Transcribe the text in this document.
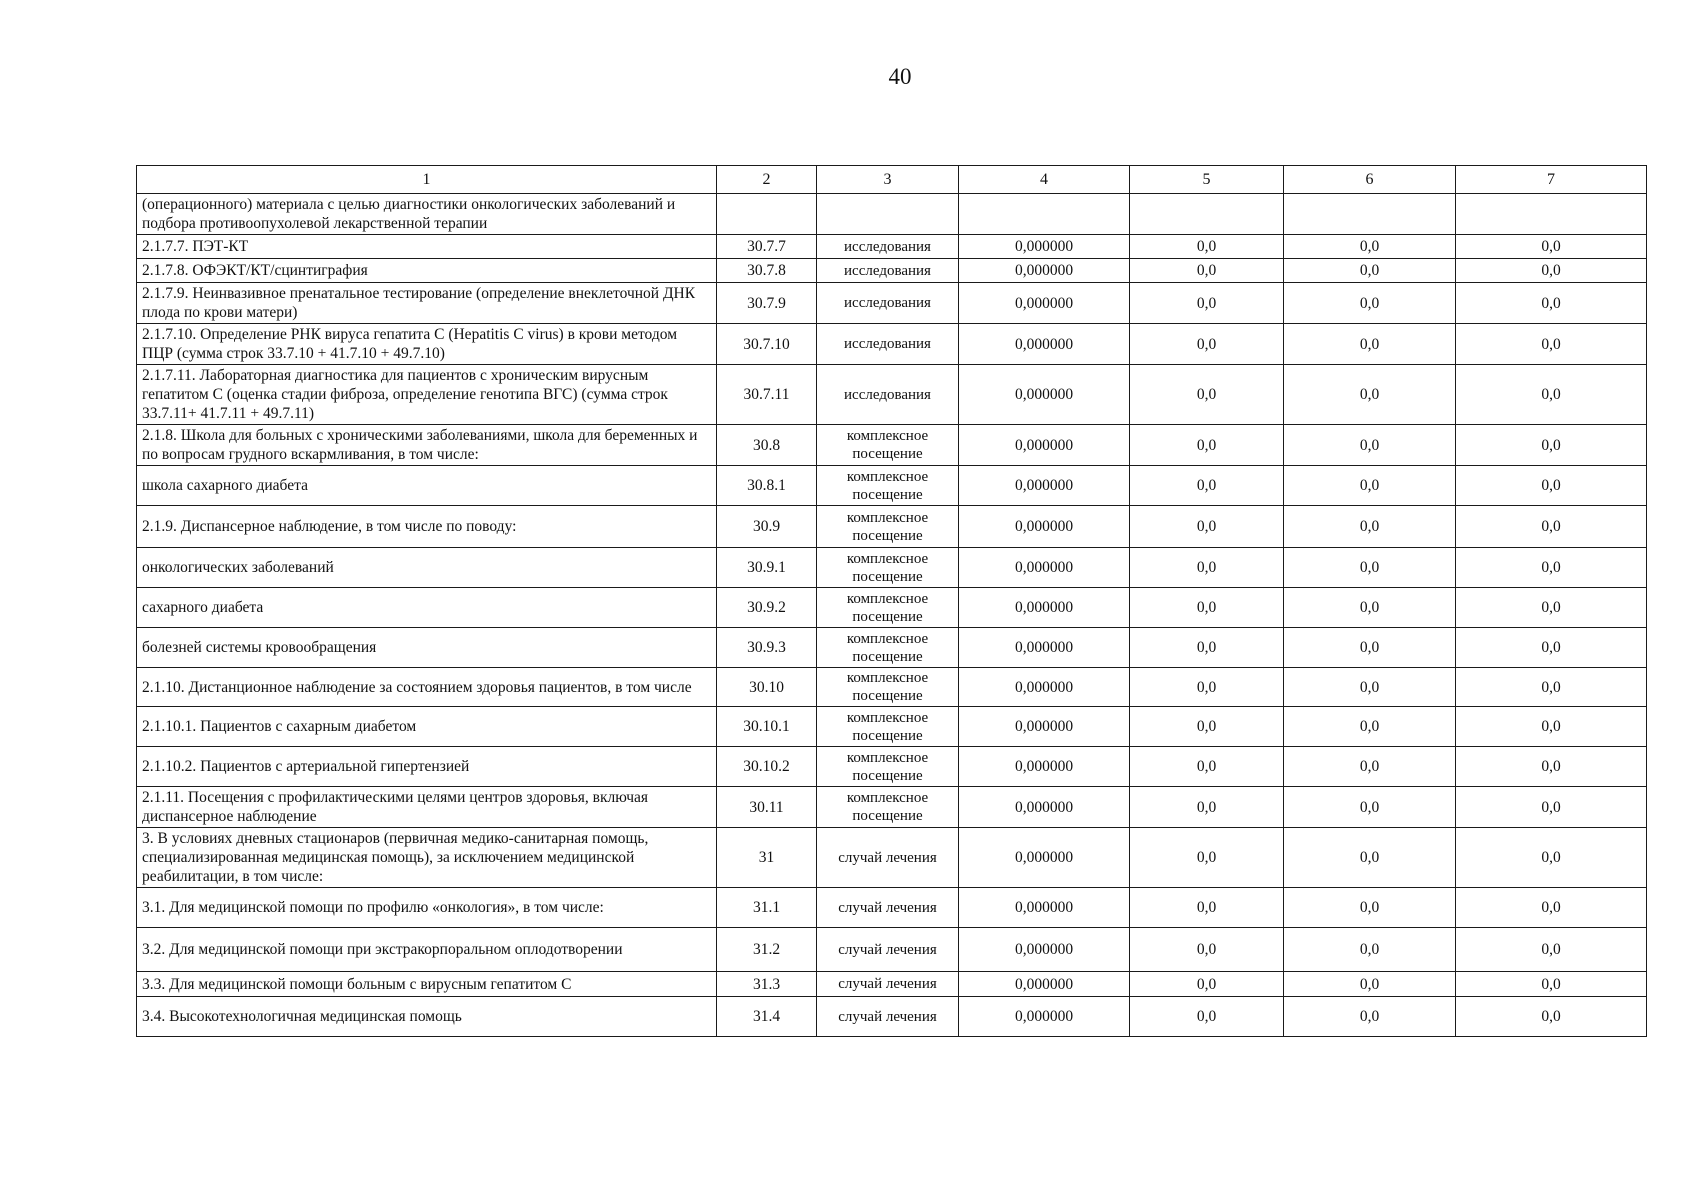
40
1	2	3	4	5	6	7
(операционного) материала с целью диагностики онкологических заболеваний и подбора противоопухолевой лекарственной терапии						
2.1.7.7. ПЭТ-КТ	30.7.7	исследования	0,000000	0,0	0,0	0,0
2.1.7.8. ОФЭКТ/КТ/сцинтиграфия	30.7.8	исследования	0,000000	0,0	0,0	0,0
2.1.7.9. Неинвазивное пренатальное тестирование (определение внеклеточной ДНК плода по крови матери)	30.7.9	исследования	0,000000	0,0	0,0	0,0
2.1.7.10. Определение РНК вируса гепатита С (Hepatitis С virus) в крови методом ПЦР (сумма строк 33.7.10 + 41.7.10 + 49.7.10)	30.7.10	исследования	0,000000	0,0	0,0	0,0
2.1.7.11. Лабораторная диагностика для пациентов с хроническим вирусным гепатитом С (оценка стадии фиброза, определение генотипа ВГС) (сумма строк 33.7.11+ 41.7.11 + 49.7.11)	30.7.11	исследования	0,000000	0,0	0,0	0,0
2.1.8. Школа для больных с хроническими заболеваниями, школа для беременных и по вопросам грудного вскармливания, в том числе:	30.8	комплексное посещение	0,000000	0,0	0,0	0,0
школа сахарного диабета	30.8.1	комплексное посещение	0,000000	0,0	0,0	0,0
2.1.9. Диспансерное наблюдение, в том числе по поводу:	30.9	комплексное посещение	0,000000	0,0	0,0	0,0
онкологических заболеваний	30.9.1	комплексное посещение	0,000000	0,0	0,0	0,0
сахарного диабета	30.9.2	комплексное посещение	0,000000	0,0	0,0	0,0
болезней системы кровообращения	30.9.3	комплексное посещение	0,000000	0,0	0,0	0,0
2.1.10. Дистанционное наблюдение за состоянием здоровья пациентов, в том числе	30.10	комплексное посещение	0,000000	0,0	0,0	0,0
2.1.10.1. Пациентов с сахарным диабетом	30.10.1	комплексное посещение	0,000000	0,0	0,0	0,0
2.1.10.2. Пациентов с артериальной гипертензией	30.10.2	комплексное посещение	0,000000	0,0	0,0	0,0
2.1.11. Посещения с профилактическими целями центров здоровья, включая диспансерное наблюдение	30.11	комплексное посещение	0,000000	0,0	0,0	0,0
3. В условиях дневных стационаров (первичная медико-санитарная помощь, специализированная медицинская помощь), за исключением медицинской реабилитации, в том числе:	31	случай лечения	0,000000	0,0	0,0	0,0
3.1. Для медицинской помощи по профилю «онкология», в том числе:	31.1	случай лечения	0,000000	0,0	0,0	0,0
3.2. Для медицинской помощи при экстракорпоральном оплодотворении	31.2	случай лечения	0,000000	0,0	0,0	0,0
3.3. Для медицинской помощи больным с вирусным гепатитом С	31.3	случай лечения	0,000000	0,0	0,0	0,0
3.4. Высокотехнологичная медицинская помощь	31.4	случай лечения	0,000000	0,0	0,0	0,0
